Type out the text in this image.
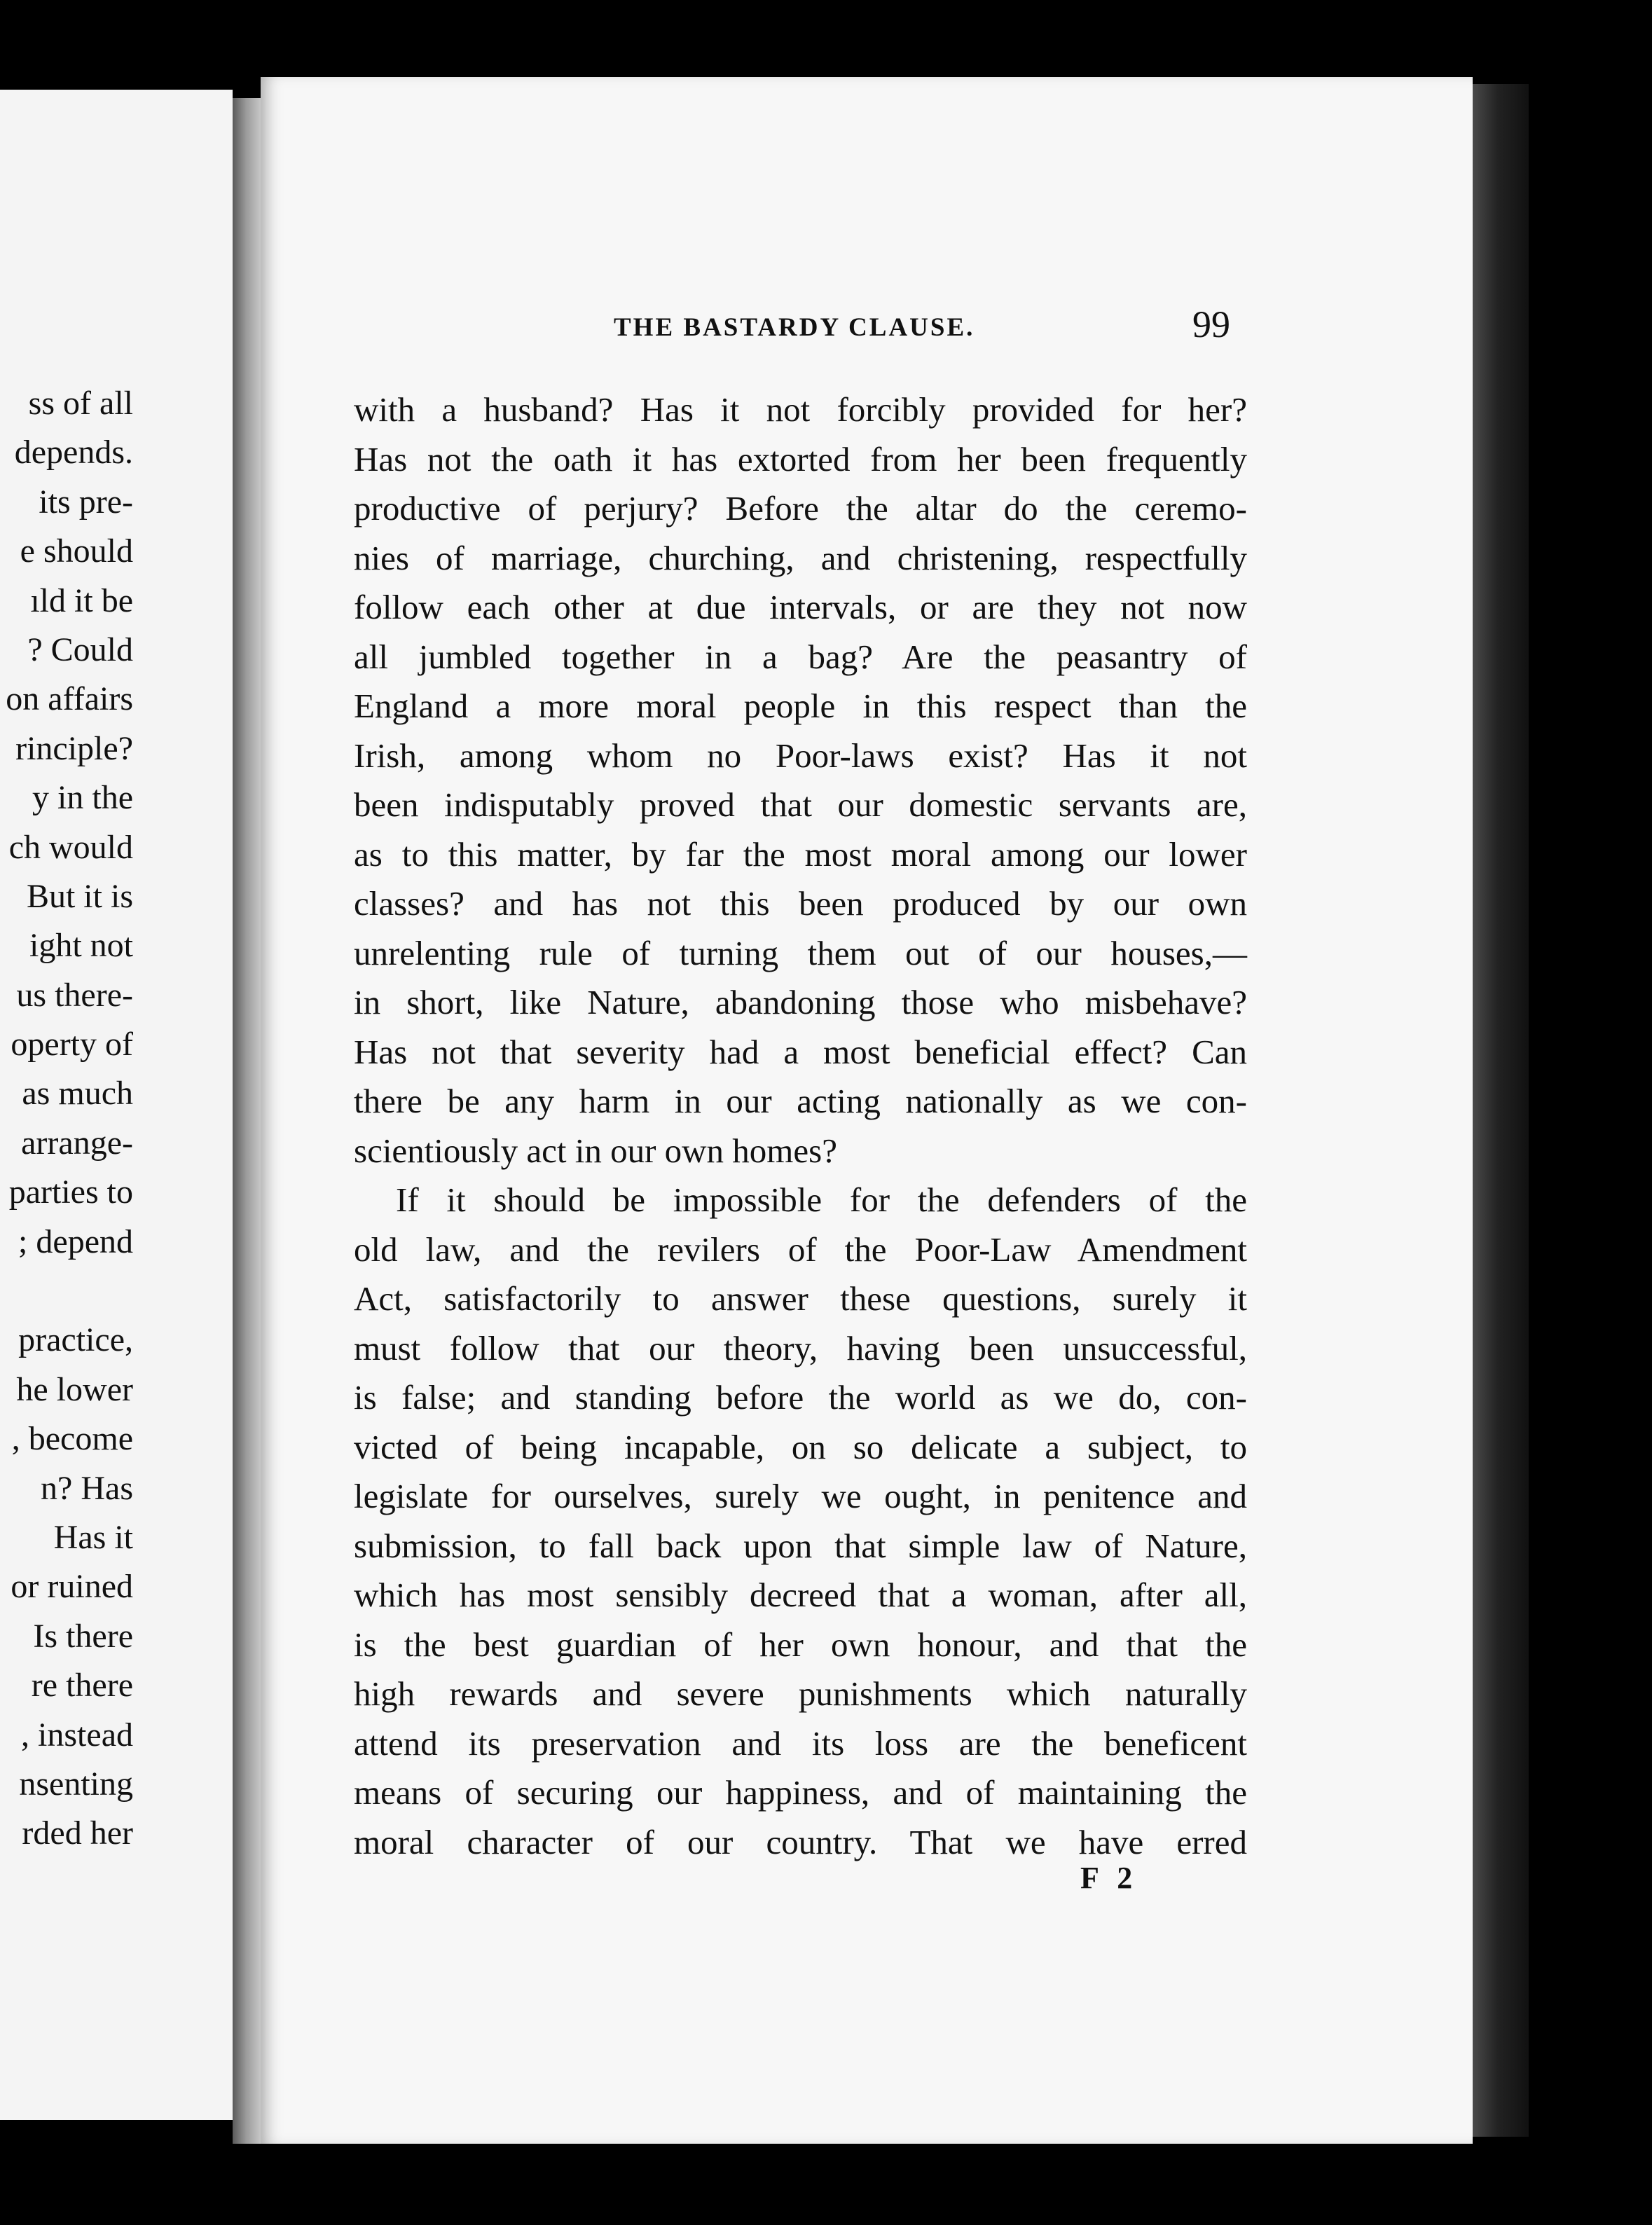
ss of all
depends.
its pre-
e should
ıld it be
? Could
on affairs
rinciple?
y in the
ch would
But it is
ight not
us there-
operty of
as much
arrange-
parties to
; depend
practice,
he lower
, become
n? Has
Has it
or ruined
Is there
re there
, instead
nsenting
rded her
THE BASTARDY CLAUSE.	99
with a husband? Has it not forcibly provided for her?
Has not the oath it has extorted from her been frequently
productive of perjury? Before the altar do the ceremo-
nies of marriage, churching, and christening, respectfully
follow each other at due intervals, or are they not now
all jumbled together in a bag? Are the peasantry of
England a more moral people in this respect than the
Irish, among whom no Poor-laws exist? Has it not
been indisputably proved that our domestic servants are,
as to this matter, by far the most moral among our lower
classes? and has not this been produced by our own
unrelenting rule of turning them out of our houses,—
in short, like Nature, abandoning those who misbehave?
Has not that severity had a most beneficial effect? Can
there be any harm in our acting nationally as we con-
scientiously act in our own homes?
If it should be impossible for the defenders of the
old law, and the revilers of the Poor-Law Amendment
Act, satisfactorily to answer these questions, surely it
must follow that our theory, having been unsuccessful,
is false; and standing before the world as we do, con-
victed of being incapable, on so delicate a subject, to
legislate for ourselves, surely we ought, in penitence and
submission, to fall back upon that simple law of Nature,
which has most sensibly decreed that a woman, after all,
is the best guardian of her own honour, and that the
high rewards and severe punishments which naturally
attend its preservation and its loss are the beneficent
means of securing our happiness, and of maintaining the
moral character of our country. That we have erred
F 2
